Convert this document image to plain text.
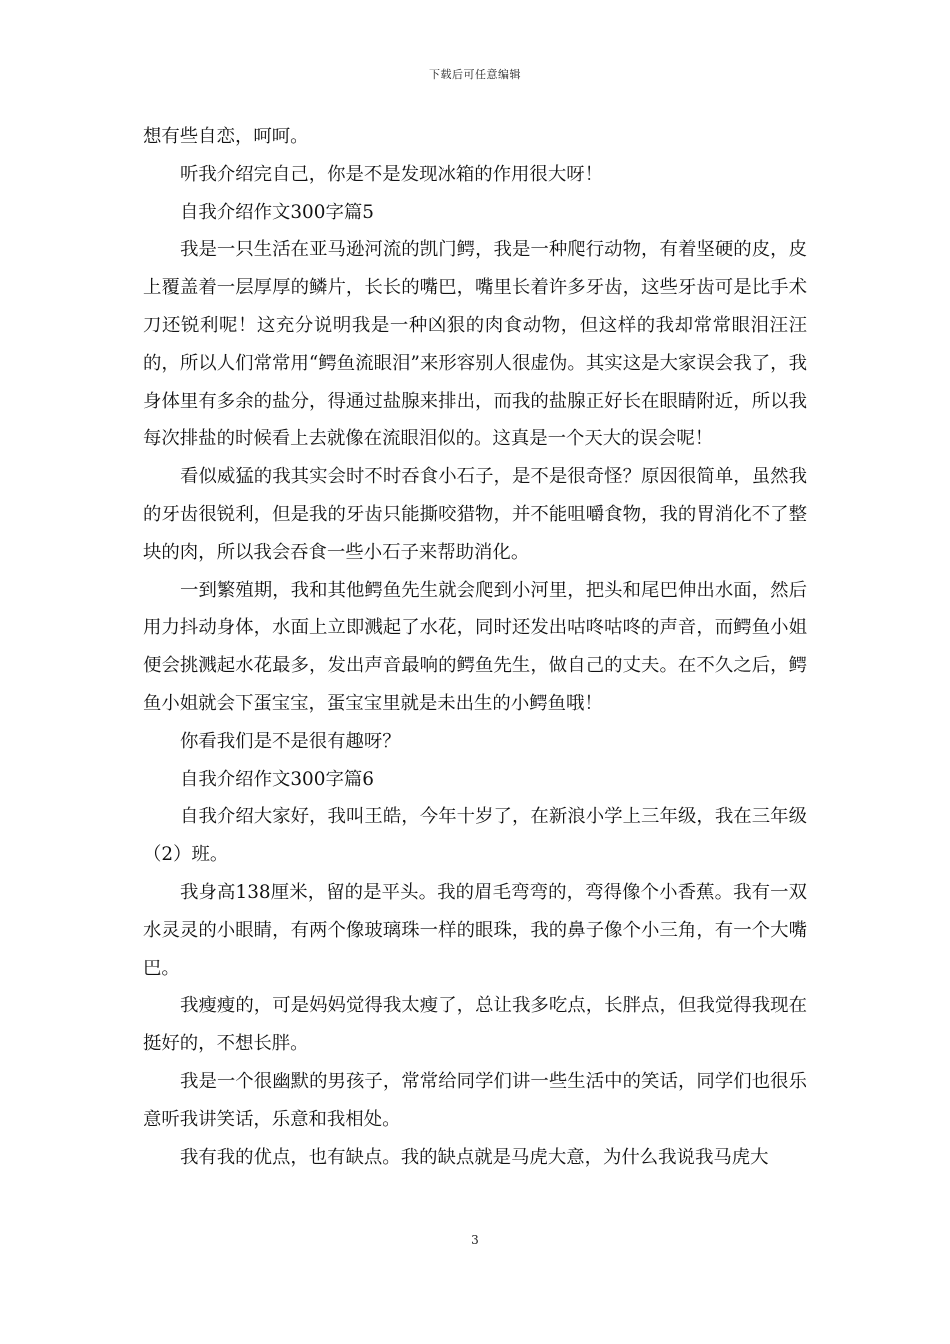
下载后可任意编辑

想有些自恋，呵呵。

听我介绍完自己，你是不是发现冰箱的作用很大呀！

自我介绍作文300字篇5

我是一只生活在亚马逊河流的凯门鳄，我是一种爬行动物，有着坚硬的皮，皮上覆盖着一层厚厚的鳞片，长长的嘴巴，嘴里长着许多牙齿，这些牙齿可是比手术刀还锐利呢！这充分说明我是一种凶狠的肉食动物，但这样的我却常常眼泪汪汪的，所以人们常常用“鳄鱼流眼泪”来形容别人很虚伪。其实这是大家误会我了，我身体里有多余的盐分，得通过盐腺来排出，而我的盐腺正好长在眼睛附近，所以我每次排盐的时候看上去就像在流眼泪似的。这真是一个天大的误会呢！

看似威猛的我其实会时不时吞食小石子，是不是很奇怪？原因很简单，虽然我的牙齿很锐利，但是我的牙齿只能撕咬猎物，并不能咀嚼食物，我的胃消化不了整块的肉，所以我会吞食一些小石子来帮助消化。

一到繁殖期，我和其他鳄鱼先生就会爬到小河里，把头和尾巴伸出水面，然后用力抖动身体，水面上立即溅起了水花，同时还发出咕咚咕咚的声音，而鳄鱼小姐便会挑溅起水花最多，发出声音最响的鳄鱼先生，做自己的丈夫。在不久之后，鳄鱼小姐就会下蛋宝宝，蛋宝宝里就是未出生的小鳄鱼哦！

你看我们是不是很有趣呀？

自我介绍作文300字篇6

自我介绍大家好，我叫王皓，今年十岁了，在新浪小学上三年级，我在三年级（2）班。

我身高138厘米，留的是平头。我的眉毛弯弯的，弯得像个小香蕉。我有一双水灵灵的小眼睛，有两个像玻璃珠一样的眼珠，我的鼻子像个小三角，有一个大嘴巴。

我瘦瘦的，可是妈妈觉得我太瘦了，总让我多吃点，长胖点，但我觉得我现在挺好的，不想长胖。

我是一个很幽默的男孩子，常常给同学们讲一些生活中的笑话，同学们也很乐意听我讲笑话，乐意和我相处。

我有我的优点，也有缺点。我的缺点就是马虎大意，为什么我说我马虎大

3
